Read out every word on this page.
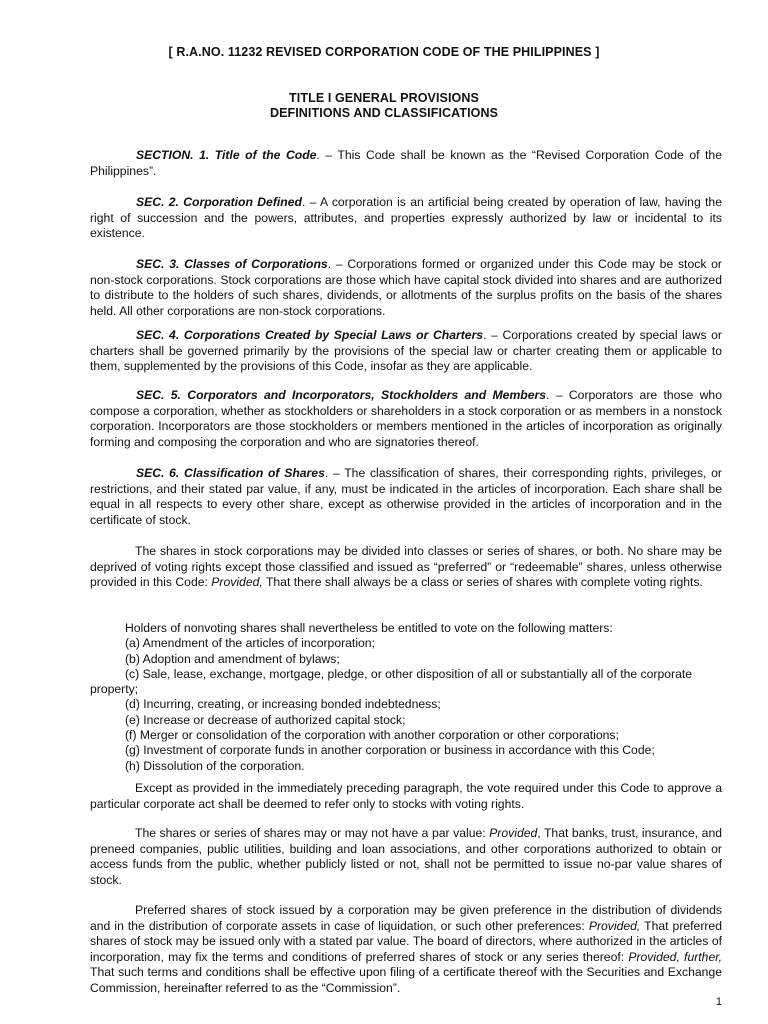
[ R.A.NO. 11232 REVISED CORPORATION CODE OF THE PHILIPPINES ]
TITLE I GENERAL PROVISIONS
DEFINITIONS AND CLASSIFICATIONS
SECTION. 1. Title of the Code. – This Code shall be known as the “Revised Corporation Code of the Philippines”.
SEC. 2. Corporation Defined. – A corporation is an artificial being created by operation of law, having the right of succession and the powers, attributes, and properties expressly authorized by law or incidental to its existence.
SEC. 3. Classes of Corporations. – Corporations formed or organized under this Code may be stock or non-stock corporations. Stock corporations are those which have capital stock divided into shares and are authorized to distribute to the holders of such shares, dividends, or allotments of the surplus profits on the basis of the shares held. All other corporations are non-stock corporations.
SEC. 4. Corporations Created by Special Laws or Charters. – Corporations created by special laws or charters shall be governed primarily by the provisions of the special law or charter creating them or applicable to them, supplemented by the provisions of this Code, insofar as they are applicable.
SEC. 5. Corporators and Incorporators, Stockholders and Members. – Corporators are those who compose a corporation, whether as stockholders or shareholders in a stock corporation or as members in a nonstock corporation. Incorporators are those stockholders or members mentioned in the articles of incorporation as originally forming and composing the corporation and who are signatories thereof.
SEC. 6. Classification of Shares. – The classification of shares, their corresponding rights, privileges, or restrictions, and their stated par value, if any, must be indicated in the articles of incorporation. Each share shall be equal in all respects to every other share, except as otherwise provided in the articles of incorporation and in the certificate of stock.
The shares in stock corporations may be divided into classes or series of shares, or both. No share may be deprived of voting rights except those classified and issued as “preferred” or “redeemable” shares, unless otherwise provided in this Code: Provided, That there shall always be a class or series of shares with complete voting rights.
Holders of nonvoting shares shall nevertheless be entitled to vote on the following matters:
(a) Amendment of the articles of incorporation;
(b) Adoption and amendment of bylaws;
(c) Sale, lease, exchange, mortgage, pledge, or other disposition of all or substantially all of the corporate
property;
(d) Incurring, creating, or increasing bonded indebtedness;
(e) Increase or decrease of authorized capital stock;
(f) Merger or consolidation of the corporation with another corporation or other corporations;
(g) Investment of corporate funds in another corporation or business in accordance with this Code;
(h) Dissolution of the corporation.
Except as provided in the immediately preceding paragraph, the vote required under this Code to approve a particular corporate act shall be deemed to refer only to stocks with voting rights.
The shares or series of shares may or may not have a par value: Provided, That banks, trust, insurance, and preneed companies, public utilities, building and loan associations, and other corporations authorized to obtain or access funds from the public, whether publicly listed or not, shall not be permitted to issue no-par value shares of stock.
Preferred shares of stock issued by a corporation may be given preference in the distribution of dividends and in the distribution of corporate assets in case of liquidation, or such other preferences: Provided, That preferred shares of stock may be issued only with a stated par value. The board of directors, where authorized in the articles of incorporation, may fix the terms and conditions of preferred shares of stock or any series thereof: Provided, further, That such terms and conditions shall be effective upon filing of a certificate thereof with the Securities and Exchange Commission, hereinafter referred to as the “Commission”.
1
